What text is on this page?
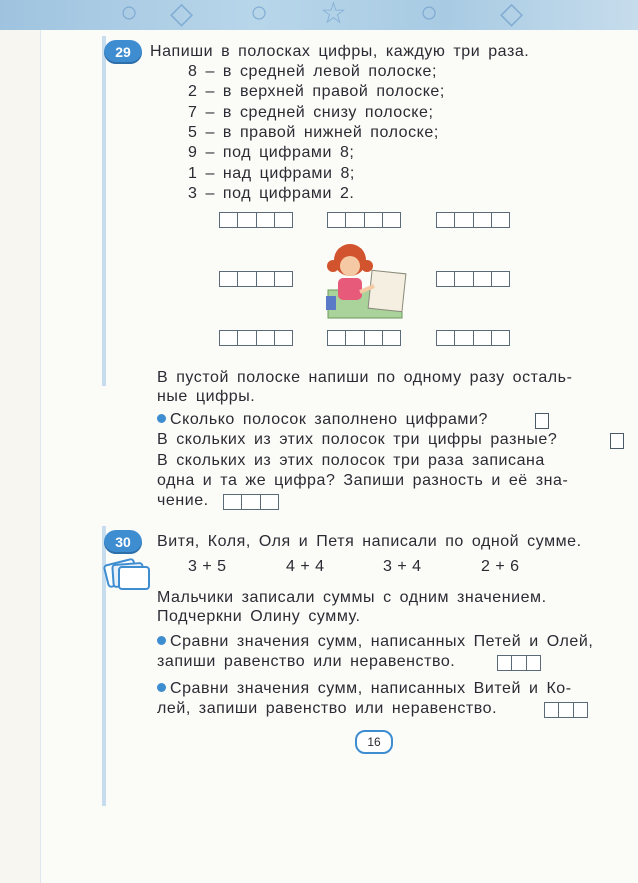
○ ◇ ○ ☆ ○ ◇
29	Напиши в полосках цифры, каждую три раза.
8 – в средней левой полоске;
2 – в верхней правой полоске;
7 – в средней снизу полоске;
5 – в правой нижней полоске;
9 – под цифрами 8;
1 – над цифрами 8;
3 – под цифрами 2.
В пустой полоске напиши по одному разу осталь-
ные цифры.
Сколько полосок заполнено цифрами?
В скольких из этих полосок три цифры разные?
В скольких из этих полосок три раза записана
одна и та же цифра? Запиши разность и её зна-
чение.
30	Витя, Коля, Оля и Петя написали по одной сумме.
3 + 5	4 + 4	3 + 4	2 + 6
Мальчики записали суммы с одним значением.
Подчеркни Олину сумму.
Сравни значения сумм, написанных Петей и Олей,
запиши равенство или неравенство.
Сравни значения сумм, написанных Витей и Ко-
лей, запиши равенство или неравенство.
16
